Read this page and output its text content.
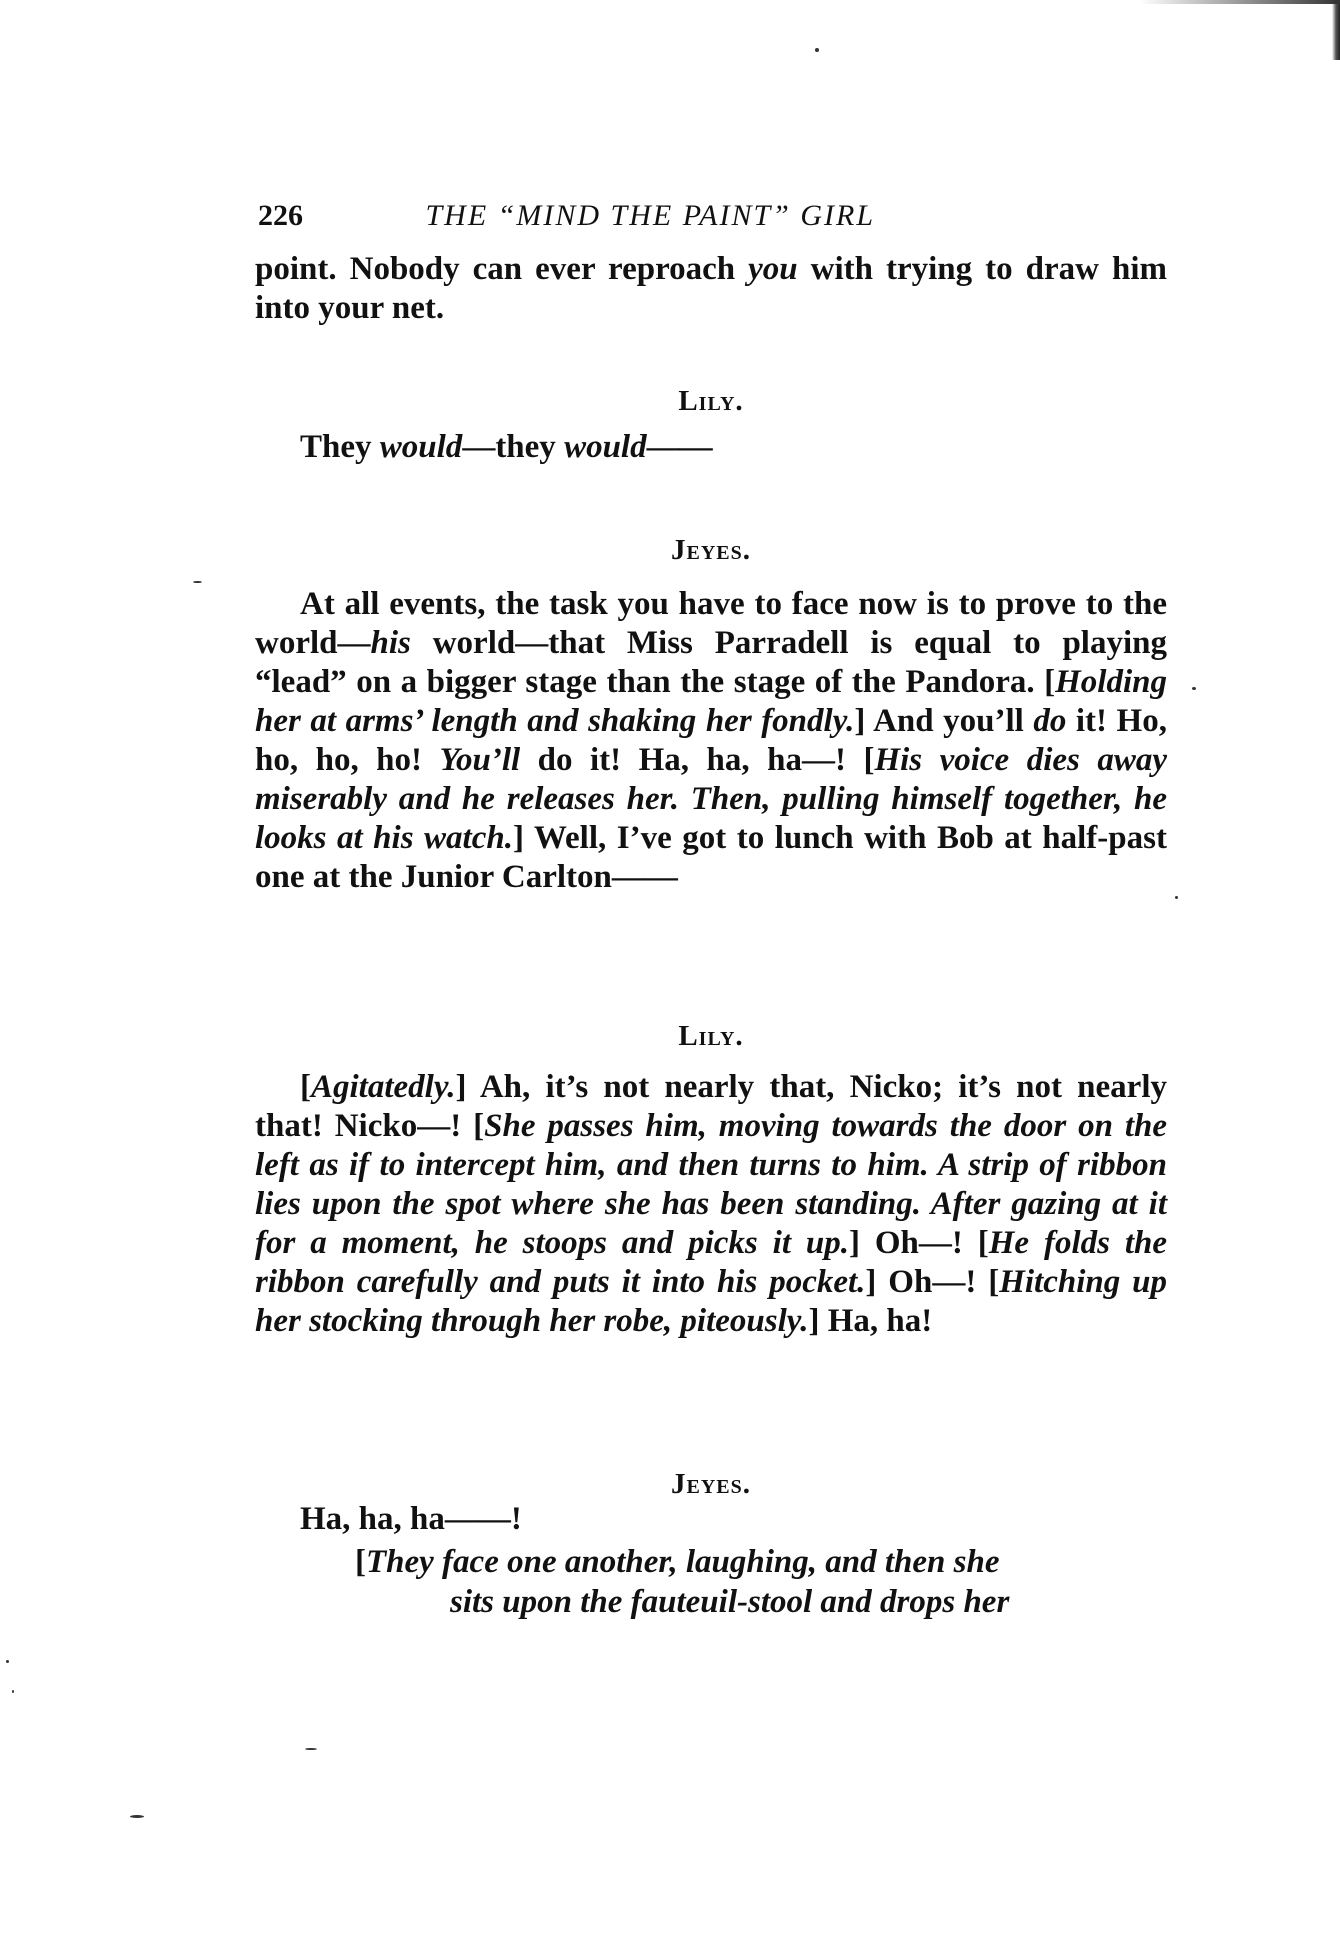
226	THE “MIND THE PAINT” GIRL
point. Nobody can ever reproach you with trying to draw him into your net.
Lily.
They would—they would——
Jeyes.
At all events, the task you have to face now is to prove to the world—his world—that Miss Parradell is equal to playing “lead” on a bigger stage than the stage of the Pandora. [Holding her at arms’ length and shaking her fondly.] And you’ll do it! Ho, ho, ho, ho! You’ll do it! Ha, ha, ha—! [His voice dies away miserably and he releases her. Then, pulling himself together, he looks at his watch.] Well, I’ve got to lunch with Bob at half-past one at the Junior Carlton——
Lily.
[Agitatedly.] Ah, it’s not nearly that, Nicko; it’s not nearly that! Nicko—! [She passes him, moving towards the door on the left as if to intercept him, and then turns to him. A strip of ribbon lies upon the spot where she has been standing. After gazing at it for a moment, he stoops and picks it up.] Oh—! [He folds the ribbon carefully and puts it into his pocket.] Oh—! [Hitching up her stocking through her robe, piteously.] Ha, ha!
Jeyes.
Ha, ha, ha——!
[They face one another, laughing, and then she
sits upon the fauteuil-stool and drops her
